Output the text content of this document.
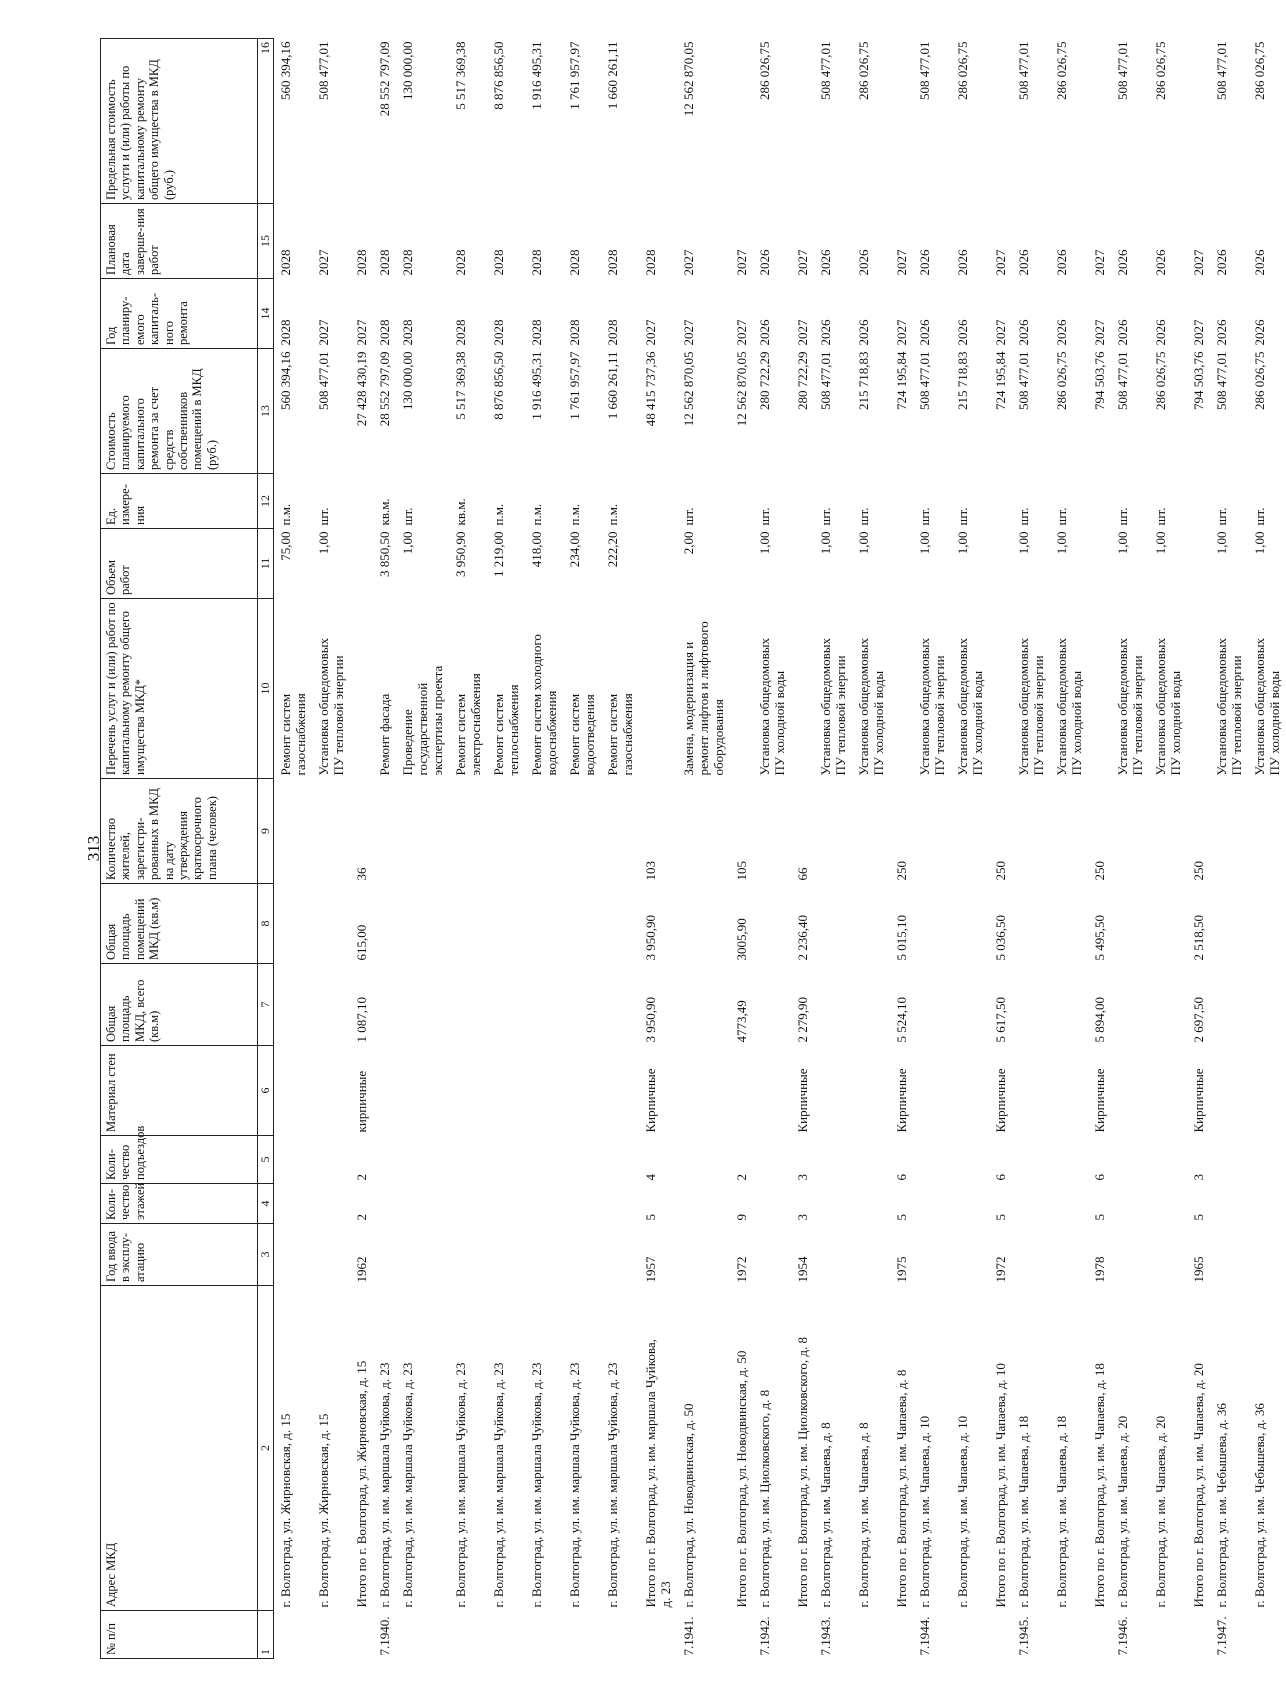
313
№ п/п	Адрес МКД	Год ввода в эксплу-атацию	Коли-чество этажей	Коли-чество подъездов	Материал стен	Общая площадь МКД, всего (кв.м)	Общая площадь помещений МКД (кв.м)	Количество жителей, зарегистри-рованных в МКД на дату утверждения краткосрочного плана (человек)	Перечень услуг и (или) работ по капитальному ремонту общего имущества МКД*	Объем работ	Ед. измере-ния	Стоимость планируемого капитального ремонта за счет средств собственников помещений в МКД (руб.)	Год планиру-емого капиталь-ного ремонта	Плановая дата заверше-ния работ	Предельная стоимость услуги и (или) работы по капитальному ремонту общего имущества в МКД (руб.)
1	2	3	4	5	6	7	8	9	10	11	12	13	14	15	16
	г. Волгоград, ул. Жирновская, д. 15								Ремонт систем
газоснабжения	75,00	п.м.	560 394,16	2028	2028	560 394,16
	г. Волгоград, ул. Жирновская, д. 15								Установка общедомовых
ПУ тепловой энергии	1,00	шт.	508 477,01	2027	2027	508 477,01
	Итого по г. Волгоград, ул. Жирновская, д. 15	1962	2	2	кирпичные	1 087,10	615,00	36				27 428 430,19	2027	2028	
7.1940.	г. Волгоград, ул. им. маршала Чуйкова, д. 23								Ремонт фасада	3 850,50	кв.м.	28 552 797,09	2028	2028	28 552 797,09
	г. Волгоград, ул. им. маршала Чуйкова, д. 23								Проведение
государственной
экспертизы проекта	1,00	шт.	130 000,00	2028	2028	130 000,00
	г. Волгоград, ул. им. маршала Чуйкова, д. 23								Ремонт систем
электроснабжения	3 950,90	кв.м.	5 517 369,38	2028	2028	5 517 369,38
	г. Волгоград, ул. им. маршала Чуйкова, д. 23								Ремонт систем
теплоснабжения	1 219,00	п.м.	8 876 856,50	2028	2028	8 876 856,50
	г. Волгоград, ул. им. маршала Чуйкова, д. 23								Ремонт систем холодного
водоснабжения	418,00	п.м.	1 916 495,31	2028	2028	1 916 495,31
	г. Волгоград, ул. им. маршала Чуйкова, д. 23								Ремонт систем
водоотведения	234,00	п.м.	1 761 957,97	2028	2028	1 761 957,97
	г. Волгоград, ул. им. маршала Чуйкова, д. 23								Ремонт систем
газоснабжения	222,20	п.м.	1 660 261,11	2028	2028	1 660 261,11
	Итого по г. Волгоград, ул. им. маршала Чуйкова,
д. 23	1957	5	4	Кирпичные	3 950,90	3 950,90	103				48 415 737,36	2027	2028	
7.1941.	г. Волгоград, ул. Новодвинская, д. 50								Замена, модернизация и
ремонт лифтов и лифтового
оборудования	2,00	шт.	12 562 870,05	2027	2027	12 562 870,05
	Итого по г. Волгоград, ул. Новодвинская, д. 50	1972	9	2		4773,49	3005,90	105				12 562 870,05	2027	2027	
7.1942.	г. Волгоград, ул. им. Циолковского, д. 8								Установка общедомовых
ПУ холодной воды	1,00	шт.	280 722,29	2026	2026	286 026,75
	Итого по г. Волгоград, ул. им. Циолковского, д. 8	1954	3	3	Кирпичные	2 279,90	2 236,40	66				280 722,29	2027	2027	
7.1943.	г. Волгоград, ул. им. Чапаева, д. 8								Установка общедомовых
ПУ тепловой энергии	1,00	шт.	508 477,01	2026	2026	508 477,01
	г. Волгоград, ул. им. Чапаева, д. 8								Установка общедомовых
ПУ холодной воды	1,00	шт.	215 718,83	2026	2026	286 026,75
	Итого по г. Волгоград, ул. им. Чапаева, д. 8	1975	5	6	Кирпичные	5 524,10	5 015,10	250				724 195,84	2027	2027	
7.1944.	г. Волгоград, ул. им. Чапаева, д. 10								Установка общедомовых
ПУ тепловой энергии	1,00	шт.	508 477,01	2026	2026	508 477,01
	г. Волгоград, ул. им. Чапаева, д. 10								Установка общедомовых
ПУ холодной воды	1,00	шт.	215 718,83	2026	2026	286 026,75
	Итого по г. Волгоград, ул. им. Чапаева, д. 10	1972	5	6	Кирпичные	5 617,50	5 036,50	250				724 195,84	2027	2027	
7.1945.	г. Волгоград, ул. им. Чапаева, д. 18								Установка общедомовых
ПУ тепловой энергии	1,00	шт.	508 477,01	2026	2026	508 477,01
	г. Волгоград, ул. им. Чапаева, д. 18								Установка общедомовых
ПУ холодной воды	1,00	шт.	286 026,75	2026	2026	286 026,75
	Итого по г. Волгоград, ул. им. Чапаева, д. 18	1978	5	6	Кирпичные	5 894,00	5 495,50	250				794 503,76	2027	2027	
7.1946.	г. Волгоград, ул. им. Чапаева, д. 20								Установка общедомовых
ПУ тепловой энергии	1,00	шт.	508 477,01	2026	2026	508 477,01
	г. Волгоград, ул. им. Чапаева, д. 20								Установка общедомовых
ПУ холодной воды	1,00	шт.	286 026,75	2026	2026	286 026,75
	Итого по г. Волгоград, ул. им. Чапаева, д. 20	1965	5	3	Кирпичные	2 697,50	2 518,50	250				794 503,76	2027	2027	
7.1947.	г. Волгоград, ул. им. Чебышева, д. 36								Установка общедомовых
ПУ тепловой энергии	1,00	шт.	508 477,01	2026	2026	508 477,01
	г. Волгоград, ул. им. Чебышева, д. 36								Установка общедомовых
ПУ холодной воды	1,00	шт.	286 026,75	2026	2026	286 026,75
